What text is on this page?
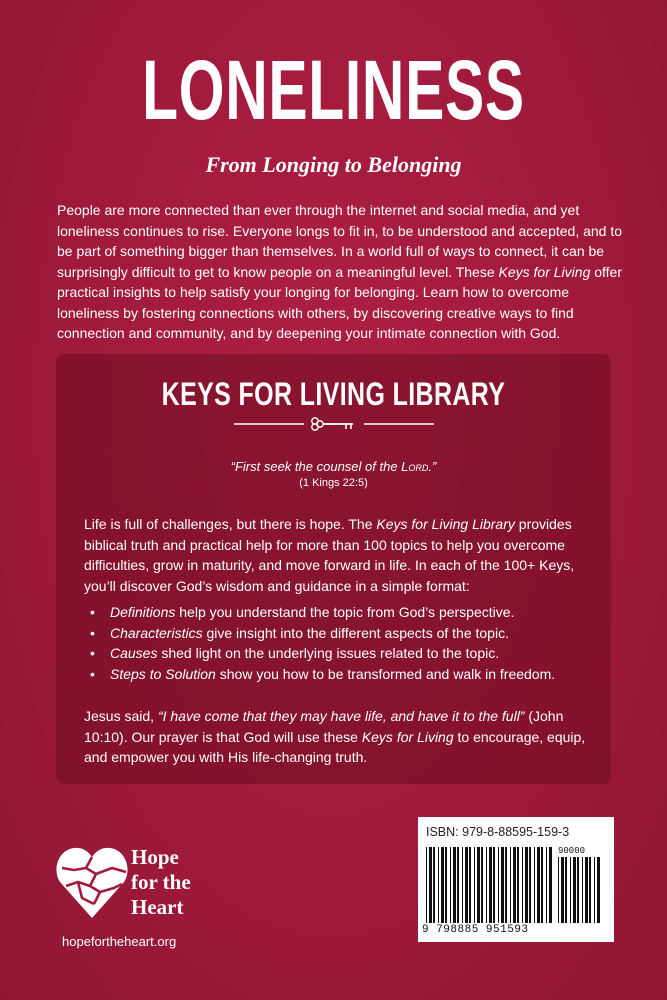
LONELINESS
From Longing to Belonging
People are more connected than ever through the internet and social media, and yet loneliness continues to rise. Everyone longs to fit in, to be understood and accepted, and to be part of something bigger than themselves. In a world full of ways to connect, it can be surprisingly difficult to get to know people on a meaningful level. These Keys for Living offer practical insights to help satisfy your longing for belonging. Learn how to overcome loneliness by fostering connections with others, by discovering creative ways to find connection and community, and by deepening your intimate connection with God.
KEYS FOR LIVING LIBRARY
“First seek the counsel of the Lord.”
(1 Kings 22:5)
Life is full of challenges, but there is hope. The Keys for Living Library provides biblical truth and practical help for more than 100 topics to help you overcome difficulties, grow in maturity, and move forward in life. In each of the 100+ Keys, you’ll discover God’s wisdom and guidance in a simple format:
• Definitions help you understand the topic from God’s perspective.
• Characteristics give insight into the different aspects of the topic.
• Causes shed light on the underlying issues related to the topic.
• Steps to Solution show you how to be transformed and walk in freedom.
Jesus said, “I have come that they may have life, and have it to the full” (John 10:10). Our prayer is that God will use these Keys for Living to encourage, equip, and empower you with His life-changing truth.
Hope
for the
Heart
hopefortheheart.org
ISBN: 979-8-88595-159-3
90000
9 798885 951593
